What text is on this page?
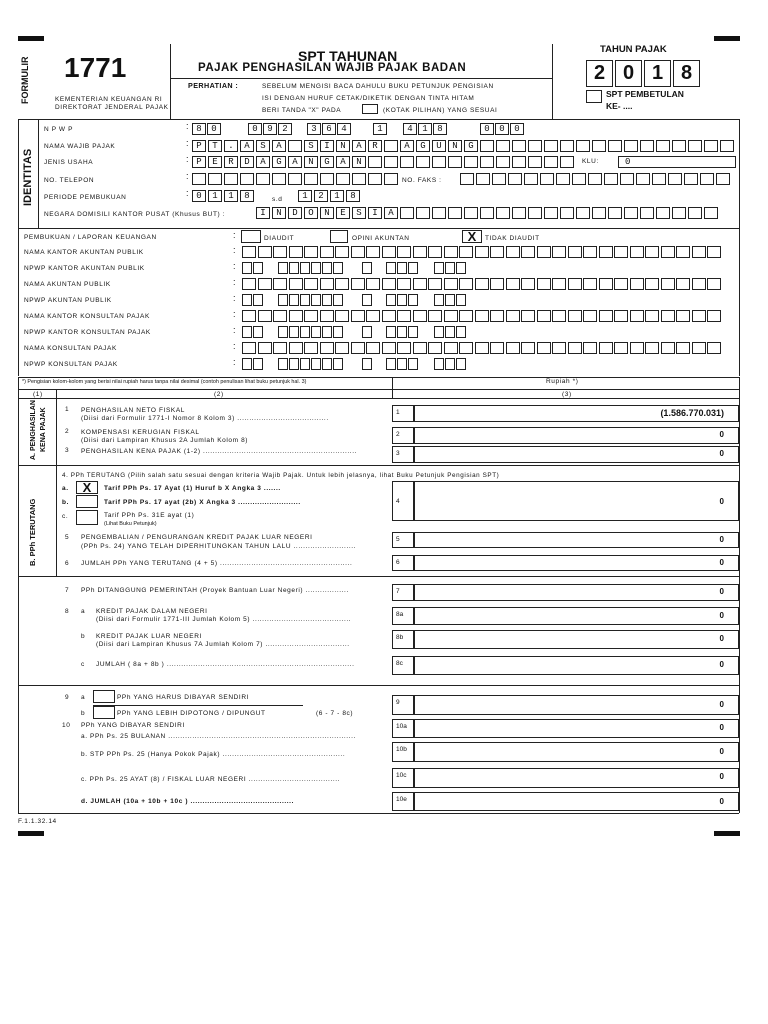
FORMULIR 1771
KEMENTERIAN KEUANGAN RI
DIREKTORAT JENDERAL PAJAK
SPT TAHUNAN
PAJAK PENGHASILAN WAJIB PAJAK BADAN
PERHATIAN :	SEBELUM MENGISI BACA DAHULU BUKU PETUNJUK PENGISIAN
ISI DENGAN HURUF CETAK/DIKETIK DENGAN TINTA HITAM
BERI TANDA "X" PADA	(KOTAK PILIHAN) YANG SESUAI
TAHUN PAJAK
2 0 1 8
SPT PEMBETULAN
KE- ....
IDENTITAS
N P W P	: 8	0	0	9	2	3	6	4	1	4	1	8	0	0	0
NAMA WAJIB PAJAK	: P	T	.	A	S	A	S	I	N	A	R	A	G	U	N	G
JENIS USAHA	: P	E	R	D	A	G	A	N	G	A	N	KLU:	0
NO. TELEPON	:	NO. FAKS :
PERIODE PEMBUKUAN	: 0	1	1	8	s.d	1	2	1	8
NEGARA DOMISILI KANTOR PUSAT (Khusus BUT) :	I	N	D	O	N	E	S	I	A
PEMBUKUAN / LAPORAN KEUANGAN	:	DIAUDIT	OPINI AKUNTAN	X	TIDAK DIAUDIT
NAMA KANTOR AKUNTAN PUBLIK	:
NPWP KANTOR AKUNTAN PUBLIK	:
NAMA AKUNTAN PUBLIK	:
NPWP AKUNTAN PUBLIK	:
NAMA KANTOR KONSULTAN PAJAK	:
NPWP KANTOR KONSULTAN PAJAK	:
NAMA KONSULTAN PAJAK	:
NPWP KONSULTAN PAJAK	:
*) Pengisian kolom-kolom yang berisi nilai rupiah harus tanpa nilai desimal (contoh penulisan lihat buku petunjuk hal. 3)	Rupiah *)
(1)	(2)	(3)
A. PENGHASILAN KENA PAJAK	1 PENGHASILAN NETO FISKAL
(Diisi dari Formulir 1771-I Nomor 8 Kolom 3) ......................................
1	(1.586.770.031)
2 KOMPENSASI KERUGIAN FISKAL
(Diisi dari Lampiran Khusus 2A Jumlah Kolom 8)
2	0
3 PENGHASILAN KENA PAJAK (1-2) ................................................................	3	0
B. PPh TERUTANG
4. PPh TERUTANG (Pilih salah satu sesuai dengan kriteria Wajib Pajak. Untuk lebih jelasnya, lihat Buku Petunjuk Pengisian SPT)
a.	X	Tarif PPh Ps. 17 Ayat (1) Huruf b X Angka 3 .......
b.	Tarif PPh Ps. 17 ayat (2b) X Angka 3 ..........................
c.	Tarif PPh Ps. 31E ayat (1)
(Lihat Buku Petunjuk)
4	0
5 PENGEMBALIAN / PENGURANGAN KREDIT PAJAK LUAR NEGERI
(PPh Ps. 24) YANG TELAH DIPERHITUNGKAN TAHUN LALU ..........................
5	0
6 JUMLAH PPh YANG TERUTANG (4 + 5) .......................................................	6	0
7 PPh DITANGGUNG PEMERINTAH (Proyek Bantuan Luar Negeri) ..................	7	0
8 a KREDIT PAJAK DALAM NEGERI
(Diisi dari Formulir 1771-III Jumlah Kolom 5) .........................................
8a	0
b KREDIT PAJAK LUAR NEGERI
(Diisi dari Lampiran Khusus 7A Jumlah Kolom 7) ...................................
8b	0
c JUMLAH ( 8a + 8b ) ..............................................................................	8c	0
9 a	PPh YANG HARUS DIBAYAR SENDIRI
b	PPh YANG LEBIH DIPOTONG / DIPUNGUT	(6 - 7 - 8c)
9	0
10 PPh YANG DIBAYAR SENDIRI
a. PPh Ps. 25 BULANAN ..............................................................................
10a	0
b. STP PPh Ps. 25 (Hanya Pokok Pajak) ...................................................
10b	0
c. PPh Ps. 25 AYAT (8) / FISKAL LUAR NEGERI ......................................
10c	0
d. JUMLAH (10a + 10b + 10c ) ...........................................	10e	0
F.1.1.32.14
